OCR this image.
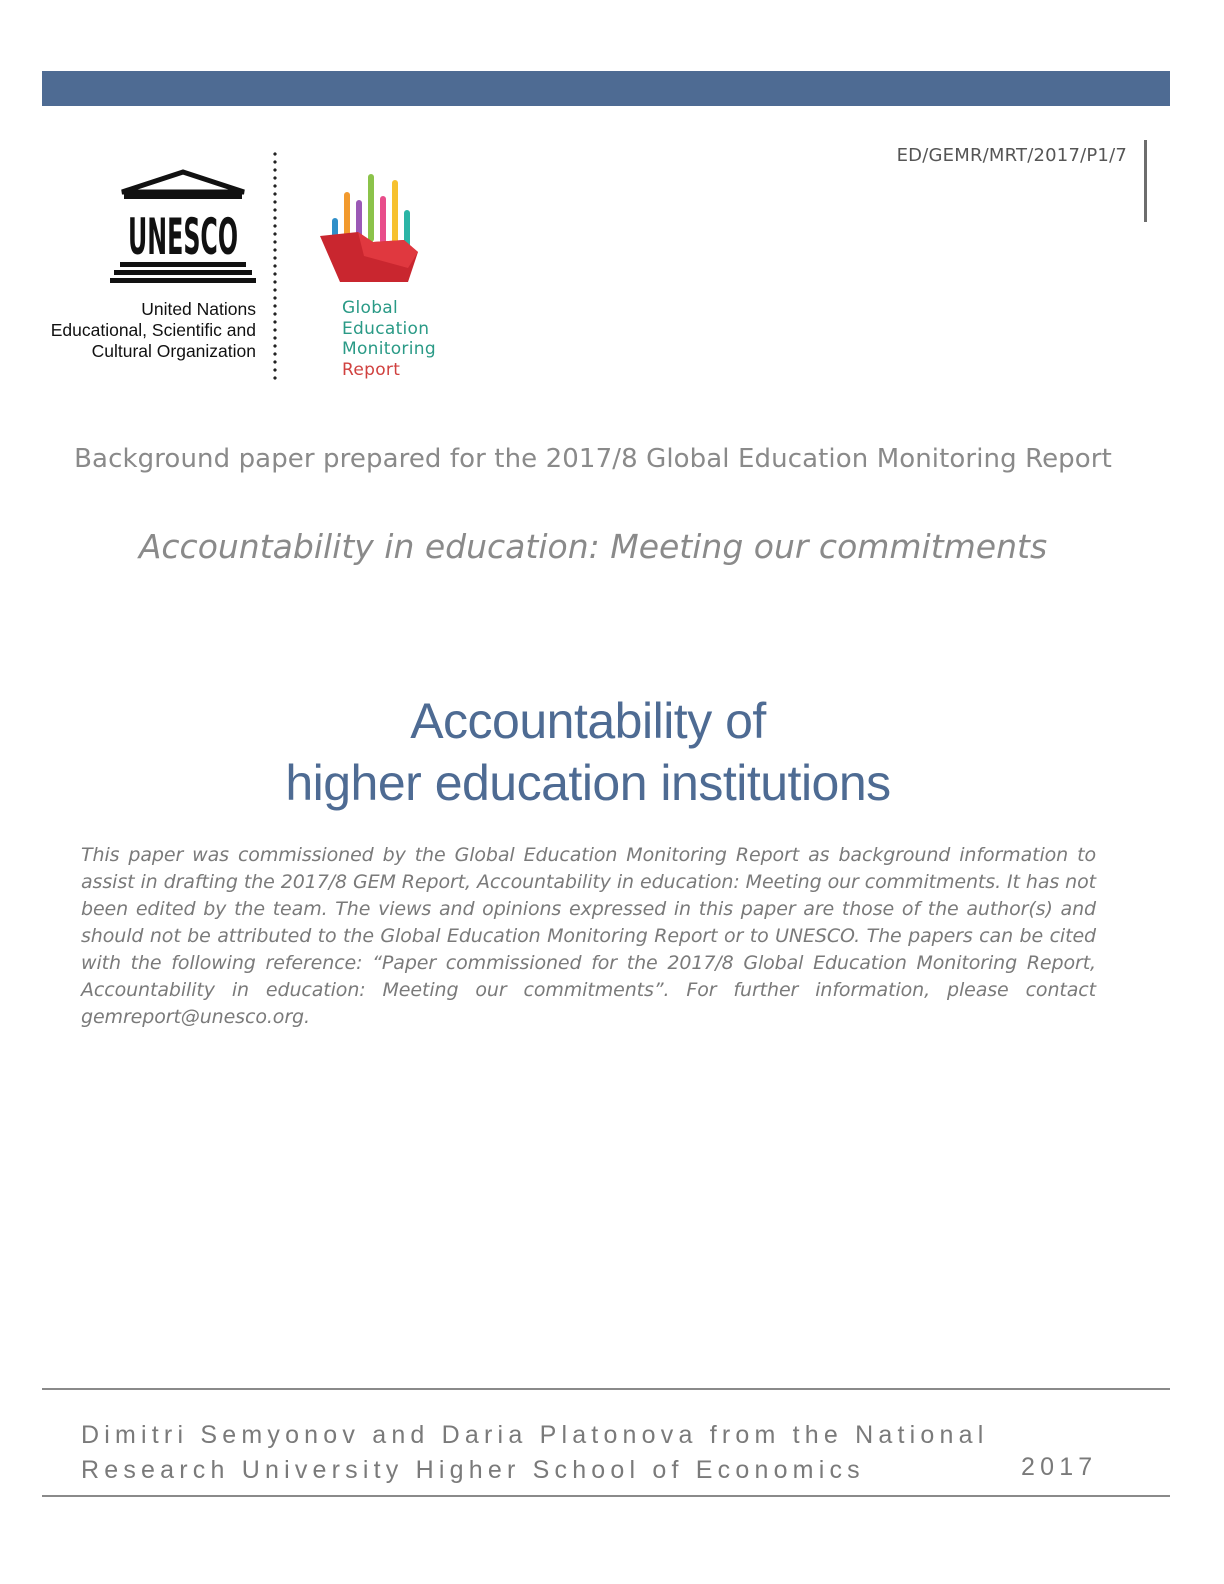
ED/GEMR/MRT/2017/P1/7
UNESCO
United Nations
Educational, Scientific and
Cultural Organization
Global
Education
Monitoring
Report
Background paper prepared for the 2017/8 Global Education Monitoring Report
Accountability in education: Meeting our commitments
Accountability of
higher education institutions
This paper was commissioned by the Global Education Monitoring Report as background information to assist in drafting the 2017/8 GEM Report, Accountability in education: Meeting our commitments. It has not been edited by the team. The views and opinions expressed in this paper are those of the author(s) and should not be attributed to the Global Education Monitoring Report or to UNESCO. The papers can be cited with the following reference: “Paper commissioned for the 2017/8 Global Education Monitoring Report, Accountability in education: Meeting our commitments”. For further information, please contact gemreport@unesco.org.
Dimitri Semyonov and Daria Platonova from the National
Research University Higher School of Economics	2017
